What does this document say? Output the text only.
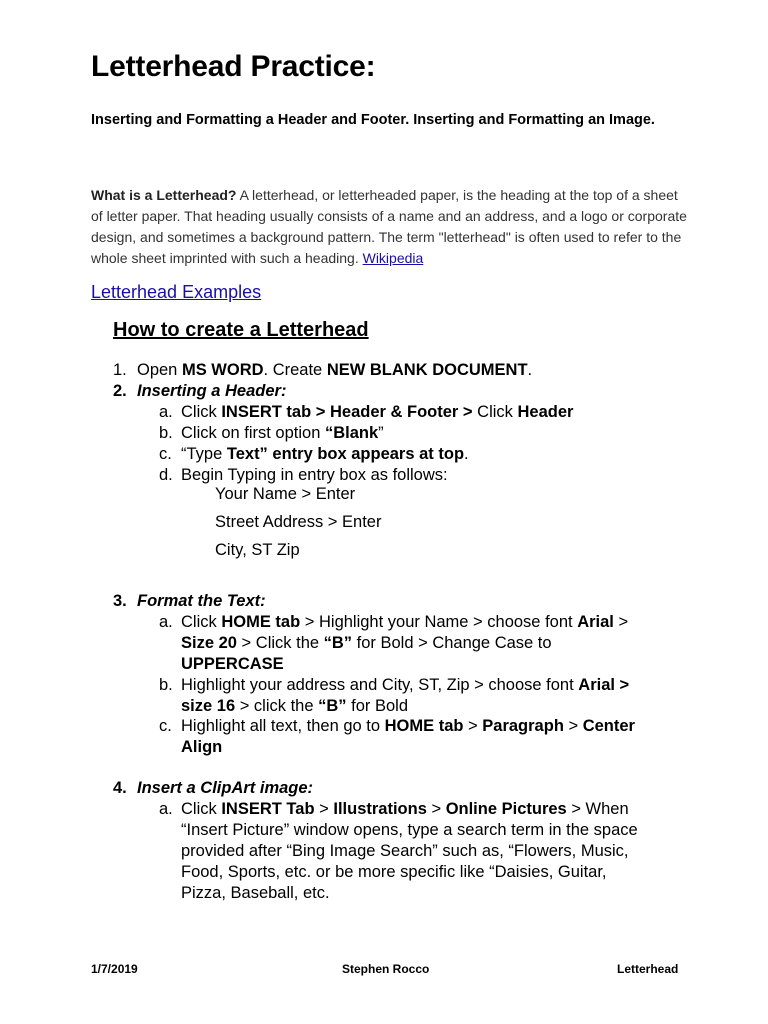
Letterhead Practice:

Inserting and Formatting a Header and Footer. Inserting and Formatting an Image.

What is a Letterhead? A letterhead, or letterheaded paper, is the heading at the top of a sheet of letter paper. That heading usually consists of a name and an address, and a logo or corporate design, and sometimes a background pattern. The term "letterhead" is often used to refer to the whole sheet imprinted with such a heading. Wikipedia

Letterhead Examples
How to create a Letterhead
1. Open MS WORD. Create NEW BLANK DOCUMENT.
2. Inserting a Header:
a. Click INSERT tab > Header & Footer > Click Header
b. Click on first option “Blank”
c. “Type Text” entry box appears at top.
d. Begin Typing in entry box as follows:
Your Name > Enter
Street Address > Enter
City, ST Zip
3. Format the Text:
a. Click HOME tab > Highlight your Name > choose font Arial >
Size 20 > Click the “B” for Bold > Change Case to
UPPERCASE
b. Highlight your address and City, ST, Zip > choose font Arial >
size 16 > click the “B” for Bold
c. Highlight all text, then go to HOME tab > Paragraph > Center
Align
4. Insert a ClipArt image:
a. Click INSERT Tab > Illustrations > Online Pictures > When
“Insert Picture” window opens, type a search term in the space
provided after “Bing Image Search” such as, “Flowers, Music,
Food, Sports, etc. or be more specific like “Daisies, Guitar,
Pizza, Baseball, etc.
1/7/2019	Stephen Rocco	Letterhead
